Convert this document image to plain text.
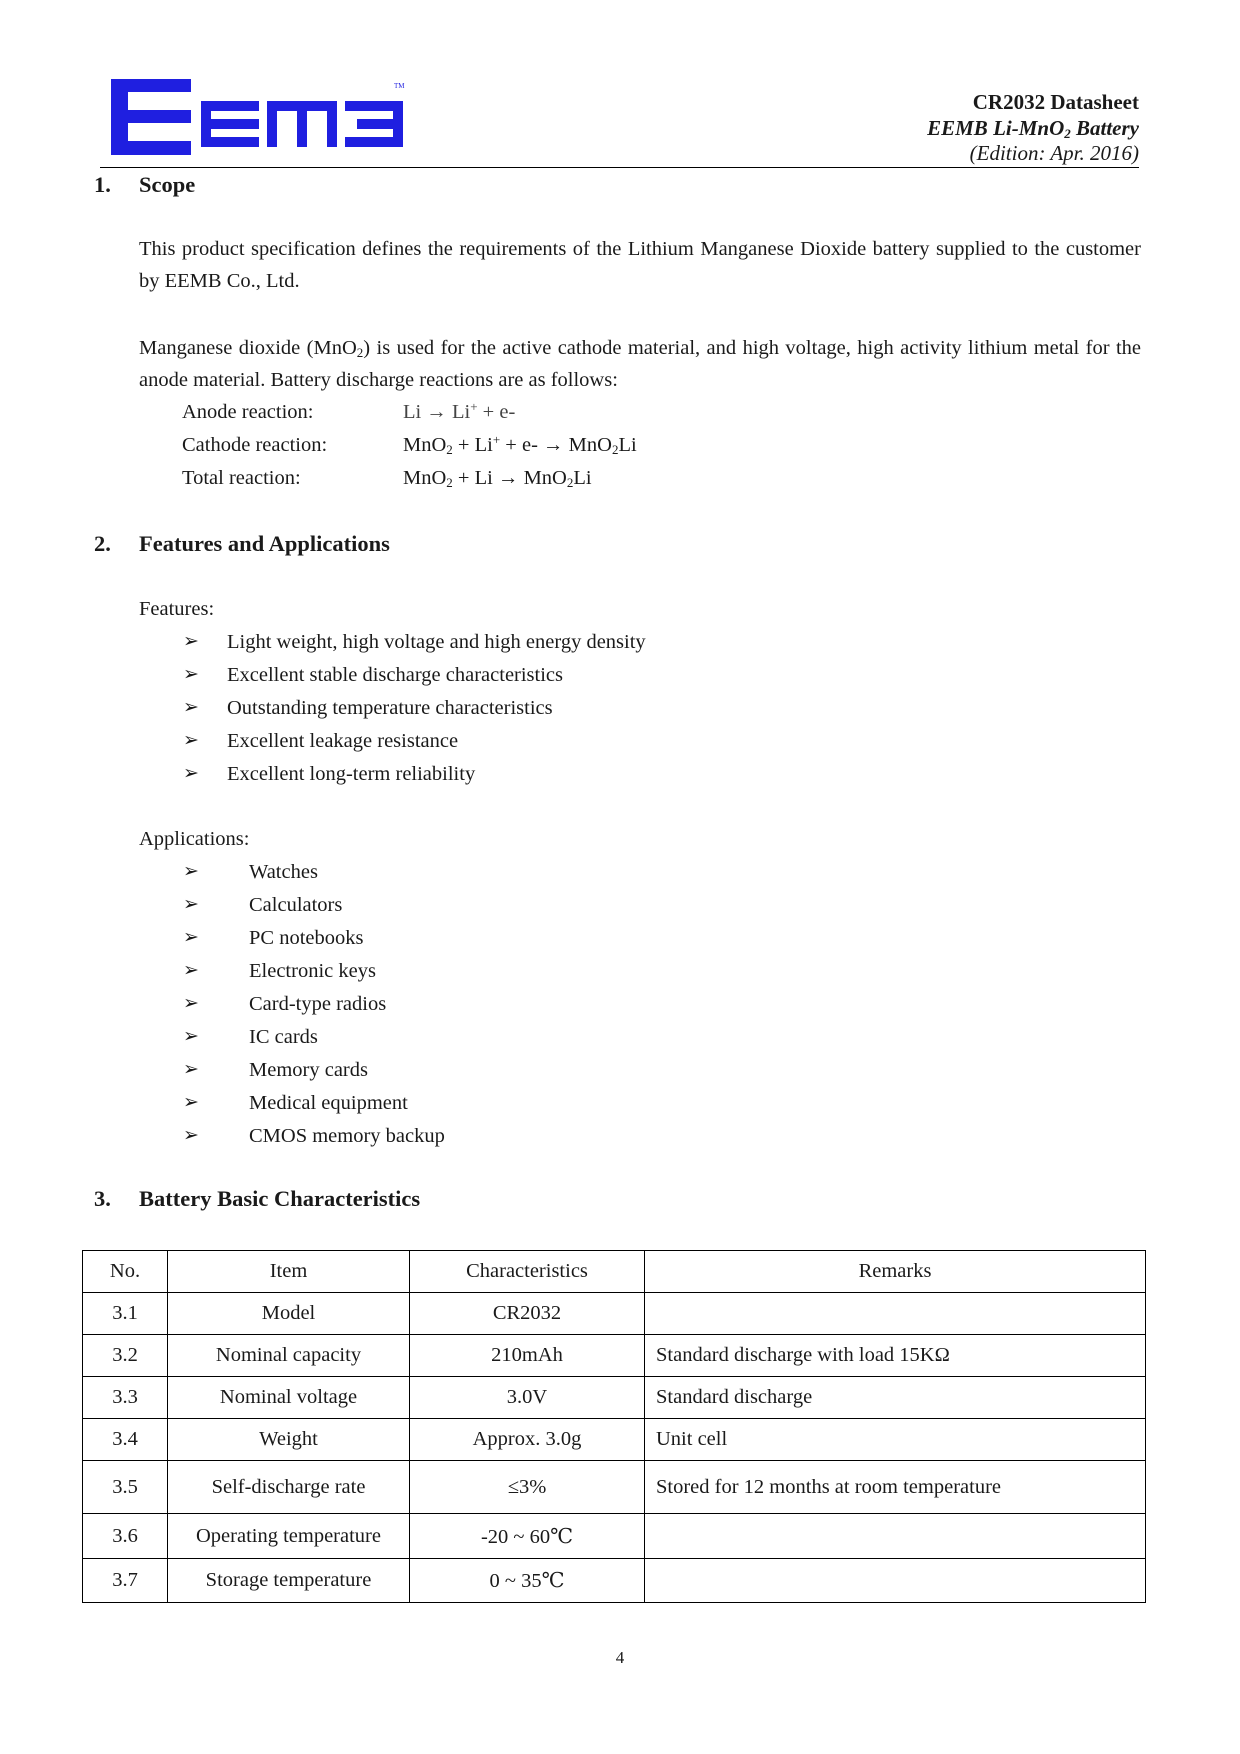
TM
CR2032 Datasheet
EEMB Li-MnO$_2$ Battery
(Edition: Apr. 2016)
1. Scope
This product specification defines the requirements of the Lithium Manganese Dioxide battery supplied to the customer by EEMB Co., Ltd.
Manganese dioxide (MnO$_2$) is used for the active cathode material, and high voltage, high activity lithium metal for the anode material. Battery discharge reactions are as follows:
Anode reaction:	Li → Li+ + e-
Cathode reaction:	MnO$_2$ + Li+ + e- → MnO$_2$Li
Total reaction:	MnO$_2$ + Li → MnO$_2$Li
2. Features and Applications
Features:
➢ Light weight, high voltage and high energy density
➢ Excellent stable discharge characteristics
➢ Outstanding temperature characteristics
➢ Excellent leakage resistance
➢ Excellent long-term reliability
Applications:
➢ Watches
➢ Calculators
➢ PC notebooks
➢ Electronic keys
➢ Card-type radios
➢ IC cards
➢ Memory cards
➢ Medical equipment
➢ CMOS memory backup
3. Battery Basic Characteristics
No.	Item	Characteristics	Remarks
3.1	Model	CR2032	
3.2	Nominal capacity	210mAh	Standard discharge with load 15KΩ
3.3	Nominal voltage	3.0V	Standard discharge
3.4	Weight	Approx. 3.0g	Unit cell
3.5	Self-discharge rate	≤3%	Stored for 12 months at room temperature
3.6	Operating temperature	-20 ~ 60℃	
3.7	Storage temperature	0 ~ 35℃	
4
